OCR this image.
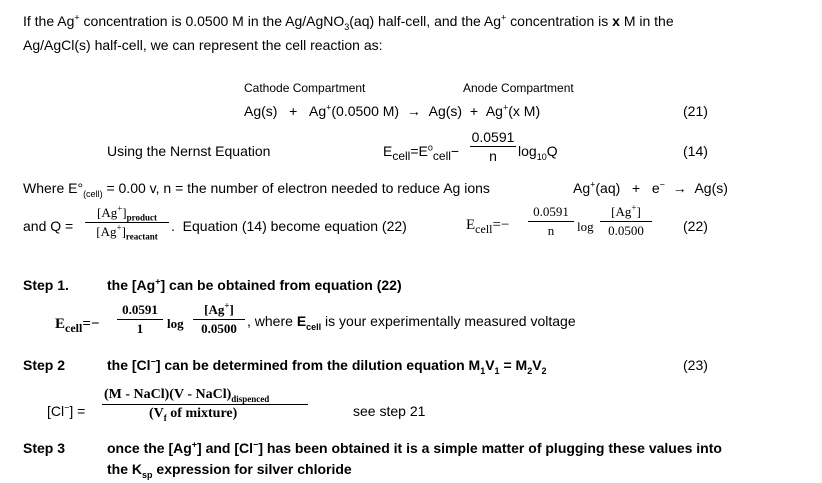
If the Ag+ concentration is 0.0500 M in the Ag/AgNO$_3$(aq) half-cell, and the Ag+ concentration is x M in the
Ag/AgCl(s) half-cell, we can represent the cell reaction as:
Cathode Compartment	Anode Compartment
Ag(s) + Ag+(0.0500 M) → Ag(s) + Ag+(x M)	(21)
Using the Nernst Equation	$E_{cell}=E^o_{cell}-$
0.0591
n	$\log_{10}Q$	(14)
Where $E^\circ_{(cell)} = 0.00$ v, n = the number of electron needed to reduce Ag ions	Ag+(aq) + e− → Ag(s)
and Q =
$[Ag^+]_{product}$
$[Ag^+]_{reactant}$
. Equation (14) become equation (22)	$E_{cell}=-$
0.0591
n	log
[Ag+]
0.0500	(22)
Step 1.	the [Ag+] can be obtained from equation (22)
$E_{cell}=-$
0.0591
1	log
[Ag+]
0.0500 , where $E_{cell}$ is your experimentally measured voltage
Step 2	the [Cl−] can be determined from the dilution equation $M_1V_1 = M_2V_2$	(23)
[Cl−] =
(M - NaCl)(V - $NaCl)_{dispenced}$
($V_f$ of mixture)	see step 21
Step 3	once the [Ag+] and [Cl−] has been obtained it is a simple matter of plugging these values into
the $K_{sp}$ expression for silver chloride
